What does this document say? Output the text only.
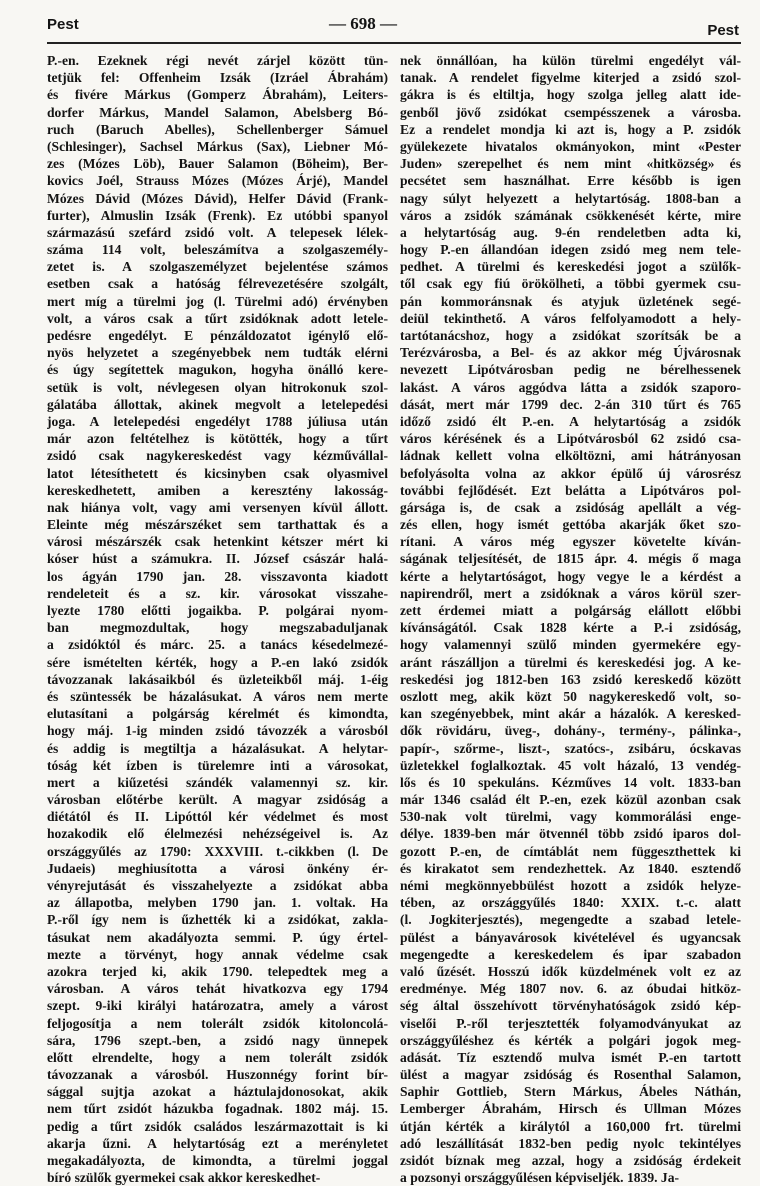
Pest	— 698 —	Pest
P.-en. Ezeknek régi nevét zárjel között tün-
tetjük fel: Offenheim Izsák (Izráel Ábrahám)
és fivére Márkus (Gomperz Ábrahám), Leiters-
dorfer Márkus, Mandel Salamon, Abelsberg Bó-
ruch (Baruch Abelles), Schellenberger Sámuel
(Schlesinger), Sachsel Márkus (Sax), Liebner Mó-
zes (Mózes Löb), Bauer Salamon (Böheim), Ber-
kovics Joél, Strauss Mózes (Mózes Árjé), Mandel
Mózes Dávid (Mózes Dávid), Helfer Dávid (Frank-
furter), Almuslin Izsák (Frenk). Ez utóbbi spanyol
származású szefárd zsidó volt. A telepesek lélek-
száma 114 volt, beleszámítva a szolgaszemély-
zetet is. A szolgaszemélyzet bejelentése számos
esetben csak a hatóság félrevezetésére szolgált,
mert míg a türelmi jog (l. Türelmi adó) érvényben
volt, a város csak a tűrt zsidóknak adott letele-
pedésre engedélyt. E pénzáldozatot igénylő elő-
nyös helyzetet a szegényebbek nem tudták elérni
és úgy segítettek magukon, hogyha önálló kere-
setük is volt, névlegesen olyan hitrokonuk szol-
gálatába állottak, akinek megvolt a letelepedési
joga. A letelepedési engedélyt 1788 júliusa után
már azon feltételhez is kötötték, hogy a tűrt
zsidó csak nagykereskedést vagy kézművállal-
latot létesíthetett és kicsinyben csak olyasmivel
kereskedhetett, amiben a keresztény lakosság-
nak hiánya volt, vagy ami versenyen kívül állott.
Eleinte még mészárszéket sem tarthattak és a
városi mészárszék csak hetenkint kétszer mért ki
kóser húst a számukra. II. József császár halá-
los ágyán 1790 jan. 28. visszavonta kiadott
rendeleteit és a sz. kir. városokat visszahe-
lyezte 1780 előtti jogaikba. P. polgárai nyom-
ban megmozdultak, hogy megszabaduljanak
a zsidóktól és márc. 25. a tanács késedelmezé-
sére ismételten kérték, hogy a P.-en lakó zsidók
távozzanak lakásaikból és üzleteikből máj. 1-éig
és szüntessék be házalásukat. A város nem merte
elutasítani a polgárság kérelmét és kimondta,
hogy máj. 1-ig minden zsidó távozzék a városból
és addig is megtiltja a házalásukat. A helytar-
tóság két ízben is türelemre inti a városokat,
mert a kiűzetési szándék valamennyi sz. kir.
városban előtérbe került. A magyar zsidóság a
diétától és II. Lipóttól kér védelmet és most
hozakodik elő élelmezési nehézségeivel is. Az
országgyűlés az 1790: XXXVIII. t.-cikkben (l. De
Judaeis) meghiusította a városi önkény ér-
vényrejutását és visszahelyezte a zsidókat abba
az állapotba, melyben 1790 jan. 1. voltak. Ha
P.-ről így nem is űzhették ki a zsidókat, zakla-
tásukat nem akadályozta semmi. P. úgy értel-
mezte a törvényt, hogy annak védelme csak
azokra terjed ki, akik 1790. telepedtek meg a
városban. A város tehát hivatkozva egy 1794
szept. 9-iki királyi határozatra, amely a várost
feljogosítja a nem tolerált zsidók kitoloncolá-
sára, 1796 szept.-ben, a zsidó nagy ünnepek
előtt elrendelte, hogy a nem tolerált zsidók
távozzanak a városból. Huszonnégy forint bír-
sággal sujtja azokat a háztulajdonosokat, akik
nem tűrt zsidót házukba fogadnak. 1802 máj. 15.
pedig a tűrt zsidók családos leszármazottait is ki
akarja űzni. A helytartóság ezt a merényletet
megakadályozta, de kimondta, a türelmi joggal
bíró szülők gyermekei csak akkor kereskedhet-
nek önnállóan, ha külön türelmi engedélyt vál-
tanak. A rendelet figyelme kiterjed a zsidó szol-
gákra is és eltiltja, hogy szolga jelleg alatt ide-
genből jövő zsidókat csempésszenek a városba.
Ez a rendelet mondja ki azt is, hogy a P. zsidók
gyülekezete hivatalos okmányokon, mint «Pester
Juden» szerepelhet és nem mint «hitközség» és
pecsétet sem használhat. Erre később is igen
nagy súlyt helyezett a helytartóság. 1808-ban a
város a zsidók számának csökkenését kérte, mire
a helytartóság aug. 9-én rendeletben adta ki,
hogy P.-en állandóan idegen zsidó meg nem tele-
pedhet. A türelmi és kereskedési jogot a szülők-
től csak egy fiú örökölheti, a többi gyermek csu-
pán kommoránsnak és atyjuk üzletének segé-
deiül tekinthető. A város felfolyamodott a hely-
tartótanácshoz, hogy a zsidókat szorítsák be a
Terézvárosba, a Bel- és az akkor még Újvárosnak
nevezett Lipótvárosban pedig ne bérelhessenek
lakást. A város aggódva látta a zsidók szaporo-
dását, mert már 1799 dec. 2-án 310 tűrt és 765
időző zsidó élt P.-en. A helytartóság a zsidók
város kérésének és a Lipótvárosból 62 zsidó csa-
ládnak kellett volna elköltözni, ami hátrányosan
befolyásolta volna az akkor épülő új városrész
további fejlődését. Ezt belátta a Lipótváros pol-
gársága is, de csak a zsidóság apellált a vég-
zés ellen, hogy ismét gettóba akarják őket szo-
rítani. A város még egyszer követelte kíván-
ságának teljesítését, de 1815 ápr. 4. mégis ő maga
kérte a helytartóságot, hogy vegye le a kérdést a
napirendről, mert a zsidóknak a város körül szer-
zett érdemei miatt a polgárság elállott előbbi
kívánságától. Csak 1828 kérte a P.-i zsidóság,
hogy valamennyi szülő minden gyermekére egy-
aránt rászálljon a türelmi és kereskedési jog. A ke-
reskedési jog 1812-ben 163 zsidó kereskedő között
oszlott meg, akik közt 50 nagykereskedő volt, so-
kan szegényebbek, mint akár a házalók. A keresked-
dők rövidáru, üveg-, dohány-, termény-, pálinka-,
papír-, szőrme-, liszt-, szatócs-, zsibáru, ócskavas
üzletekkel foglalkoztak. 45 volt házaló, 13 vendég-
lős és 10 spekuláns. Kézműves 14 volt. 1833-ban
már 1346 család élt P.-en, ezek közül azonban csak
530-nak volt türelmi, vagy kommorálási enge-
délye. 1839-ben már ötvennél több zsidó iparos dol-
gozott P.-en, de címtáblát nem függeszthettek ki
és kirakatot sem rendezhettek. Az 1840. esztendő
némi megkönnyebbülést hozott a zsidók helyze-
tében, az országgyűlés 1840: XXIX. t.-c. alatt
(l. Jogkiterjesztés), megengedte a szabad letele-
pülést a bányavárosok kivételével és ugyancsak
megengedte a kereskedelem és ipar szabadon
való űzését. Hosszú idők küzdelmének volt ez az
eredménye. Még 1807 nov. 6. az óbudai hitköz-
ség által összehívott törvényhatóságok zsidó kép-
viselői P.-ről terjesztették folyamodványukat az
országgyűléshez és kérték a polgári jogok meg-
adását. Tíz esztendő mulva ismét P.-en tartott
ülést a magyar zsidóság és Rosenthal Salamon,
Saphir Gottlieb, Stern Márkus, Ábeles Náthán,
Lemberger Ábrahám, Hirsch és Ullman Mózes
útján kérték a királytól a 160,000 frt. türelmi
adó leszállítását 1832-ben pedig nyolc tekintélyes
zsidót bíznak meg azzal, hogy a zsidóság érdekeit
a pozsonyi országgyűlésen képviseljék. 1839. Ja-
